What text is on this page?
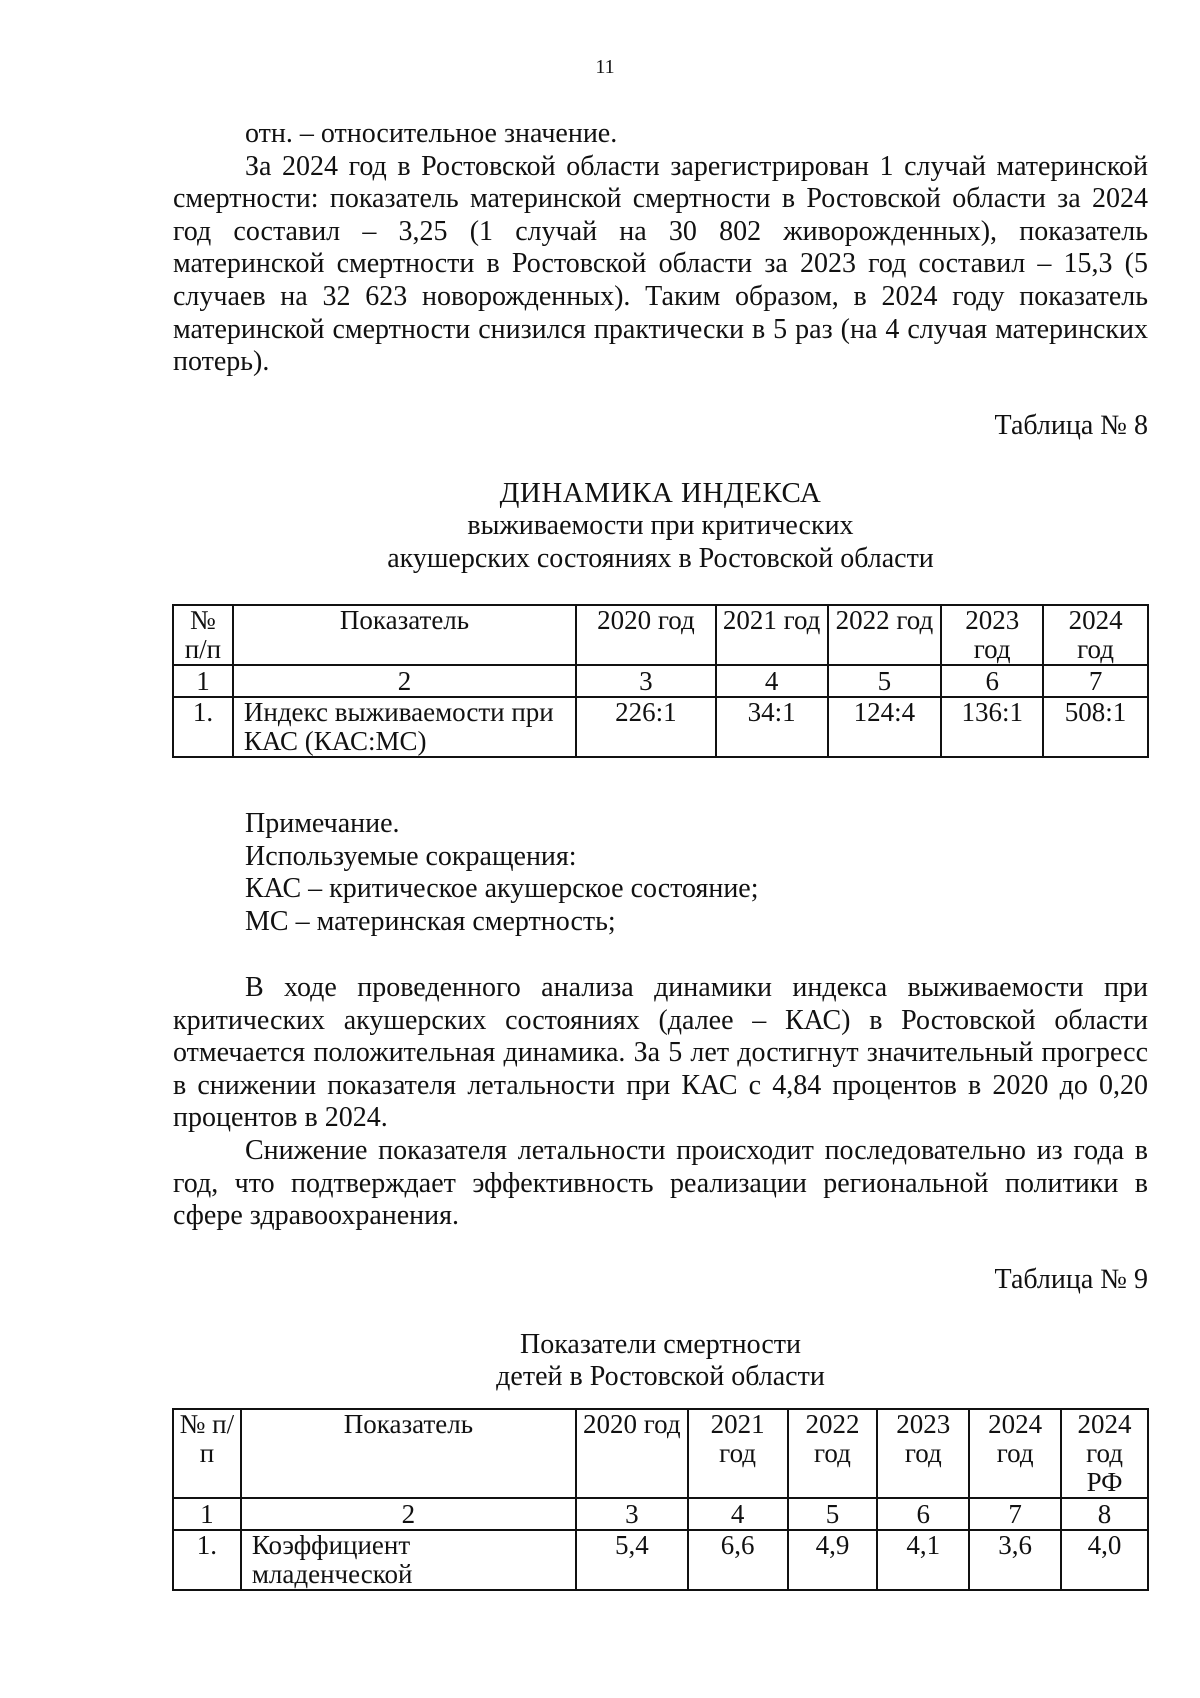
11

отн. – относительное значение.

За 2024 год в Ростовской области зарегистрирован 1 случай материнской смертности: показатель материнской смертности в Ростовской области за 2024 год составил – 3,25 (1 случай на 30 802 живорожденных), показатель материнской смертности в Ростовской области за 2023 год составил – 15,3 (5 случаев на 32 623 новорожденных). Таким образом, в 2024 году показатель материнской смертности снизился практически в 5 раз (на 4 случая материнских потерь).

Таблица № 8

ДИНАМИКА ИНДЕКСА

выживаемости при критических

акушерских состояниях в Ростовской области

№ п/п	Показатель	2020 год	2021 год	2022 год	2023 год	2024 год
1	2	3	4	5	6	7
1.	Индекс выживаемости при КАС (КАС:МС)	226:1	34:1	124:4	136:1	508:1
Примечание.
Используемые сокращения:
КАС – критическое акушерское состояние;
МС – материнская смертность;

В ходе проведенного анализа динамики индекса выживаемости при критических акушерских состояниях (далее – КАС) в Ростовской области отмечается положительная динамика. За 5 лет достигнут значительный прогресс в снижении показателя летальности при КАС с 4,84 процентов в 2020 до 0,20 процентов в 2024.

Снижение показателя летальности происходит последовательно из года в год, что подтверждает эффективность реализации региональной политики в сфере здравоохранения.

Таблица № 9

Показатели смертности

детей в Ростовской области

№ п/п	Показатель	2020 год	2021 год	2022 год	2023 год	2024 год	2024 год РФ
1	2	3	4	5	6	7	8
1.	Коэффициент младенческой	5,4	6,6	4,9	4,1	3,6	4,0
